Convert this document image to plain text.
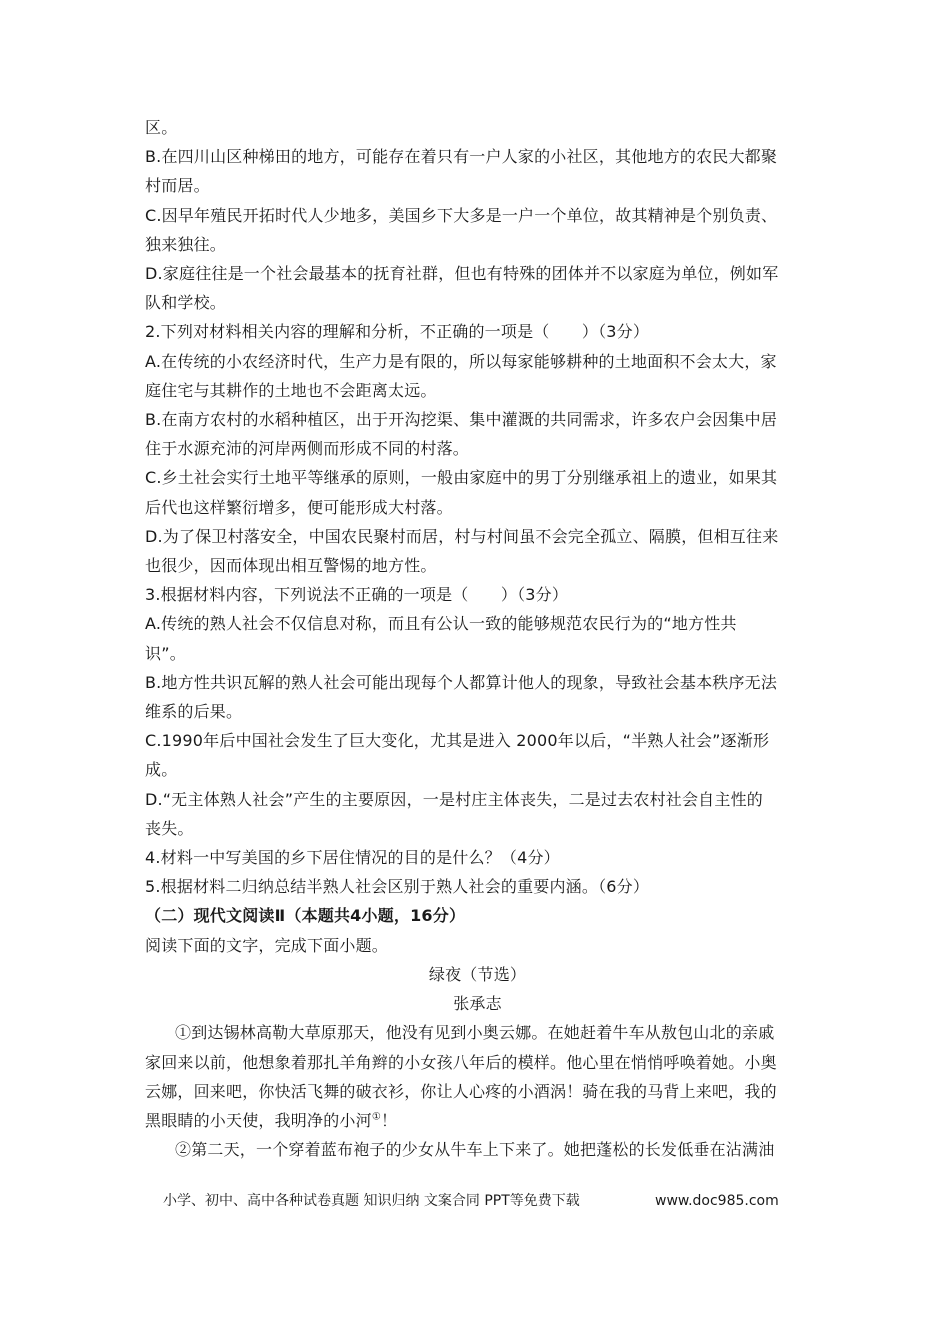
区。
B.在四川山区种梯田的地方，可能存在着只有一户人家的小社区，其他地方的农民大都聚
村而居。
C.因早年殖民开拓时代人少地多，美国乡下大多是一户一个单位，故其精神是个别负责、
独来独往。
D.家庭往往是一个社会最基本的抚育社群，但也有特殊的团体并不以家庭为单位，例如军
队和学校。
2.下列对材料相关内容的理解和分析，不正确的一项是（　　）（3分）
A.在传统的小农经济时代，生产力是有限的，所以每家能够耕种的土地面积不会太大，家
庭住宅与其耕作的土地也不会距离太远。
B.在南方农村的水稻种植区，出于开沟挖渠、集中灌溉的共同需求，许多农户会因集中居
住于水源充沛的河岸两侧而形成不同的村落。
C.乡土社会实行土地平等继承的原则，一般由家庭中的男丁分别继承祖上的遗业，如果其
后代也这样繁衍增多，便可能形成大村落。
D.为了保卫村落安全，中国农民聚村而居，村与村间虽不会完全孤立、隔膜，但相互往来
也很少，因而体现出相互警惕的地方性。
3.根据材料内容，下列说法不正确的一项是（　　）（3分）
A.传统的熟人社会不仅信息对称，而且有公认一致的能够规范农民行为的“地方性共
识”。
B.地方性共识瓦解的熟人社会可能出现每个人都算计他人的现象，导致社会基本秩序无法
维系的后果。
C.1990年后中国社会发生了巨大变化，尤其是进入 2000年以后，“半熟人社会”逐渐形
成。
D.“无主体熟人社会”产生的主要原因，一是村庄主体丧失，二是过去农村社会自主性的
丧失。
4.材料一中写美国的乡下居住情况的目的是什么？（4分）
5.根据材料二归纳总结半熟人社会区别于熟人社会的重要内涵。（6分）
（二）现代文阅读Ⅱ（本题共4小题，16分）
阅读下面的文字，完成下面小题。
绿夜（节选）
张承志
①到达锡林高勒大草原那天，他没有见到小奥云娜。在她赶着牛车从敖包山北的亲戚
家回来以前，他想象着那扎羊角辫的小女孩八年后的模样。他心里在悄悄呼唤着她。小奥
云娜，回来吧，你快活飞舞的破衣衫，你让人心疼的小酒涡！骑在我的马背上来吧，我的
黑眼睛的小天使，我明净的小河①！
②第二天，一个穿着蓝布袍子的少女从牛车上下来了。她把蓬松的长发低垂在沾满油
小学、初中、高中各种试卷真题 知识归纳 文案合同 PPT等免费下载	www.doc985.com
